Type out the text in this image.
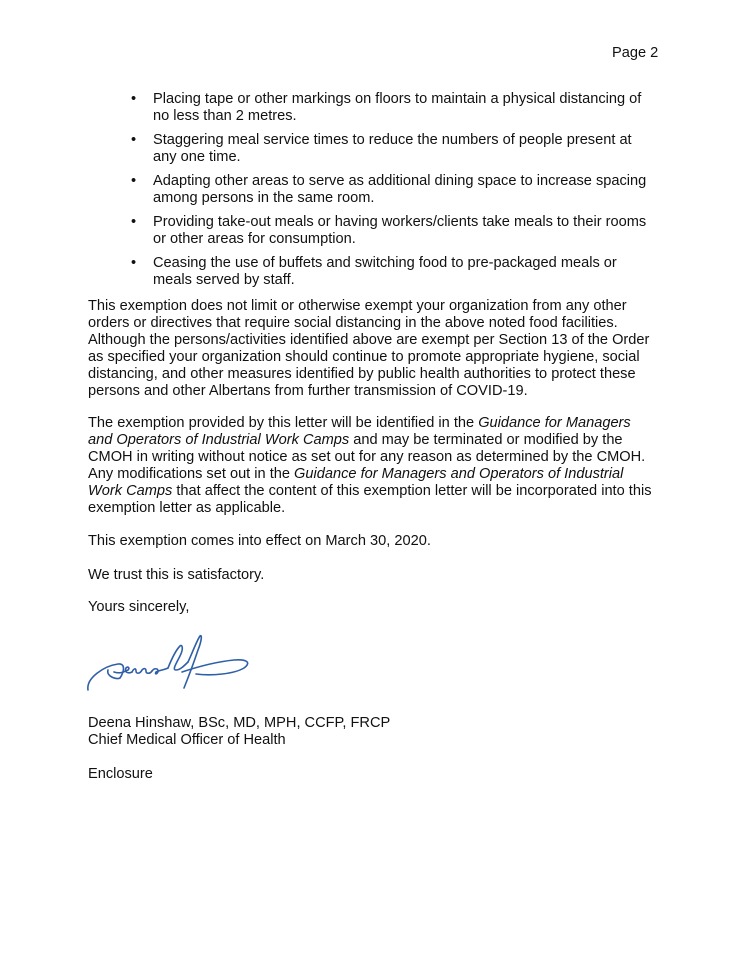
Page 2
•	Placing tape or other markings on floors to maintain a physical distancing of
no less than 2 metres.
•	Staggering meal service times to reduce the numbers of people present at
any one time.
•	Adapting other areas to serve as additional dining space to increase spacing
among persons in the same room.
•	Providing take-out meals or having workers/clients take meals to their rooms
or other areas for consumption.
•	Ceasing the use of buffets and switching food to pre-packaged meals or
meals served by staff.
This exemption does not limit or otherwise exempt your organization from any other
orders or directives that require social distancing in the above noted food facilities.
Although the persons/activities identified above are exempt per Section 13 of the Order
as specified your organization should continue to promote appropriate hygiene, social
distancing, and other measures identified by public health authorities to protect these
persons and other Albertans from further transmission of COVID-19.
The exemption provided by this letter will be identified in the Guidance for Managers
and Operators of Industrial Work Camps and may be terminated or modified by the
CMOH in writing without notice as set out for any reason as determined by the CMOH.
Any modifications set out in the Guidance for Managers and Operators of Industrial
Work Camps that affect the content of this exemption letter will be incorporated into this
exemption letter as applicable.
This exemption comes into effect on March 30, 2020.
We trust this is satisfactory.
Yours sincerely,
Deena Hinshaw, BSc, MD, MPH, CCFP, FRCP
Chief Medical Officer of Health
Enclosure
